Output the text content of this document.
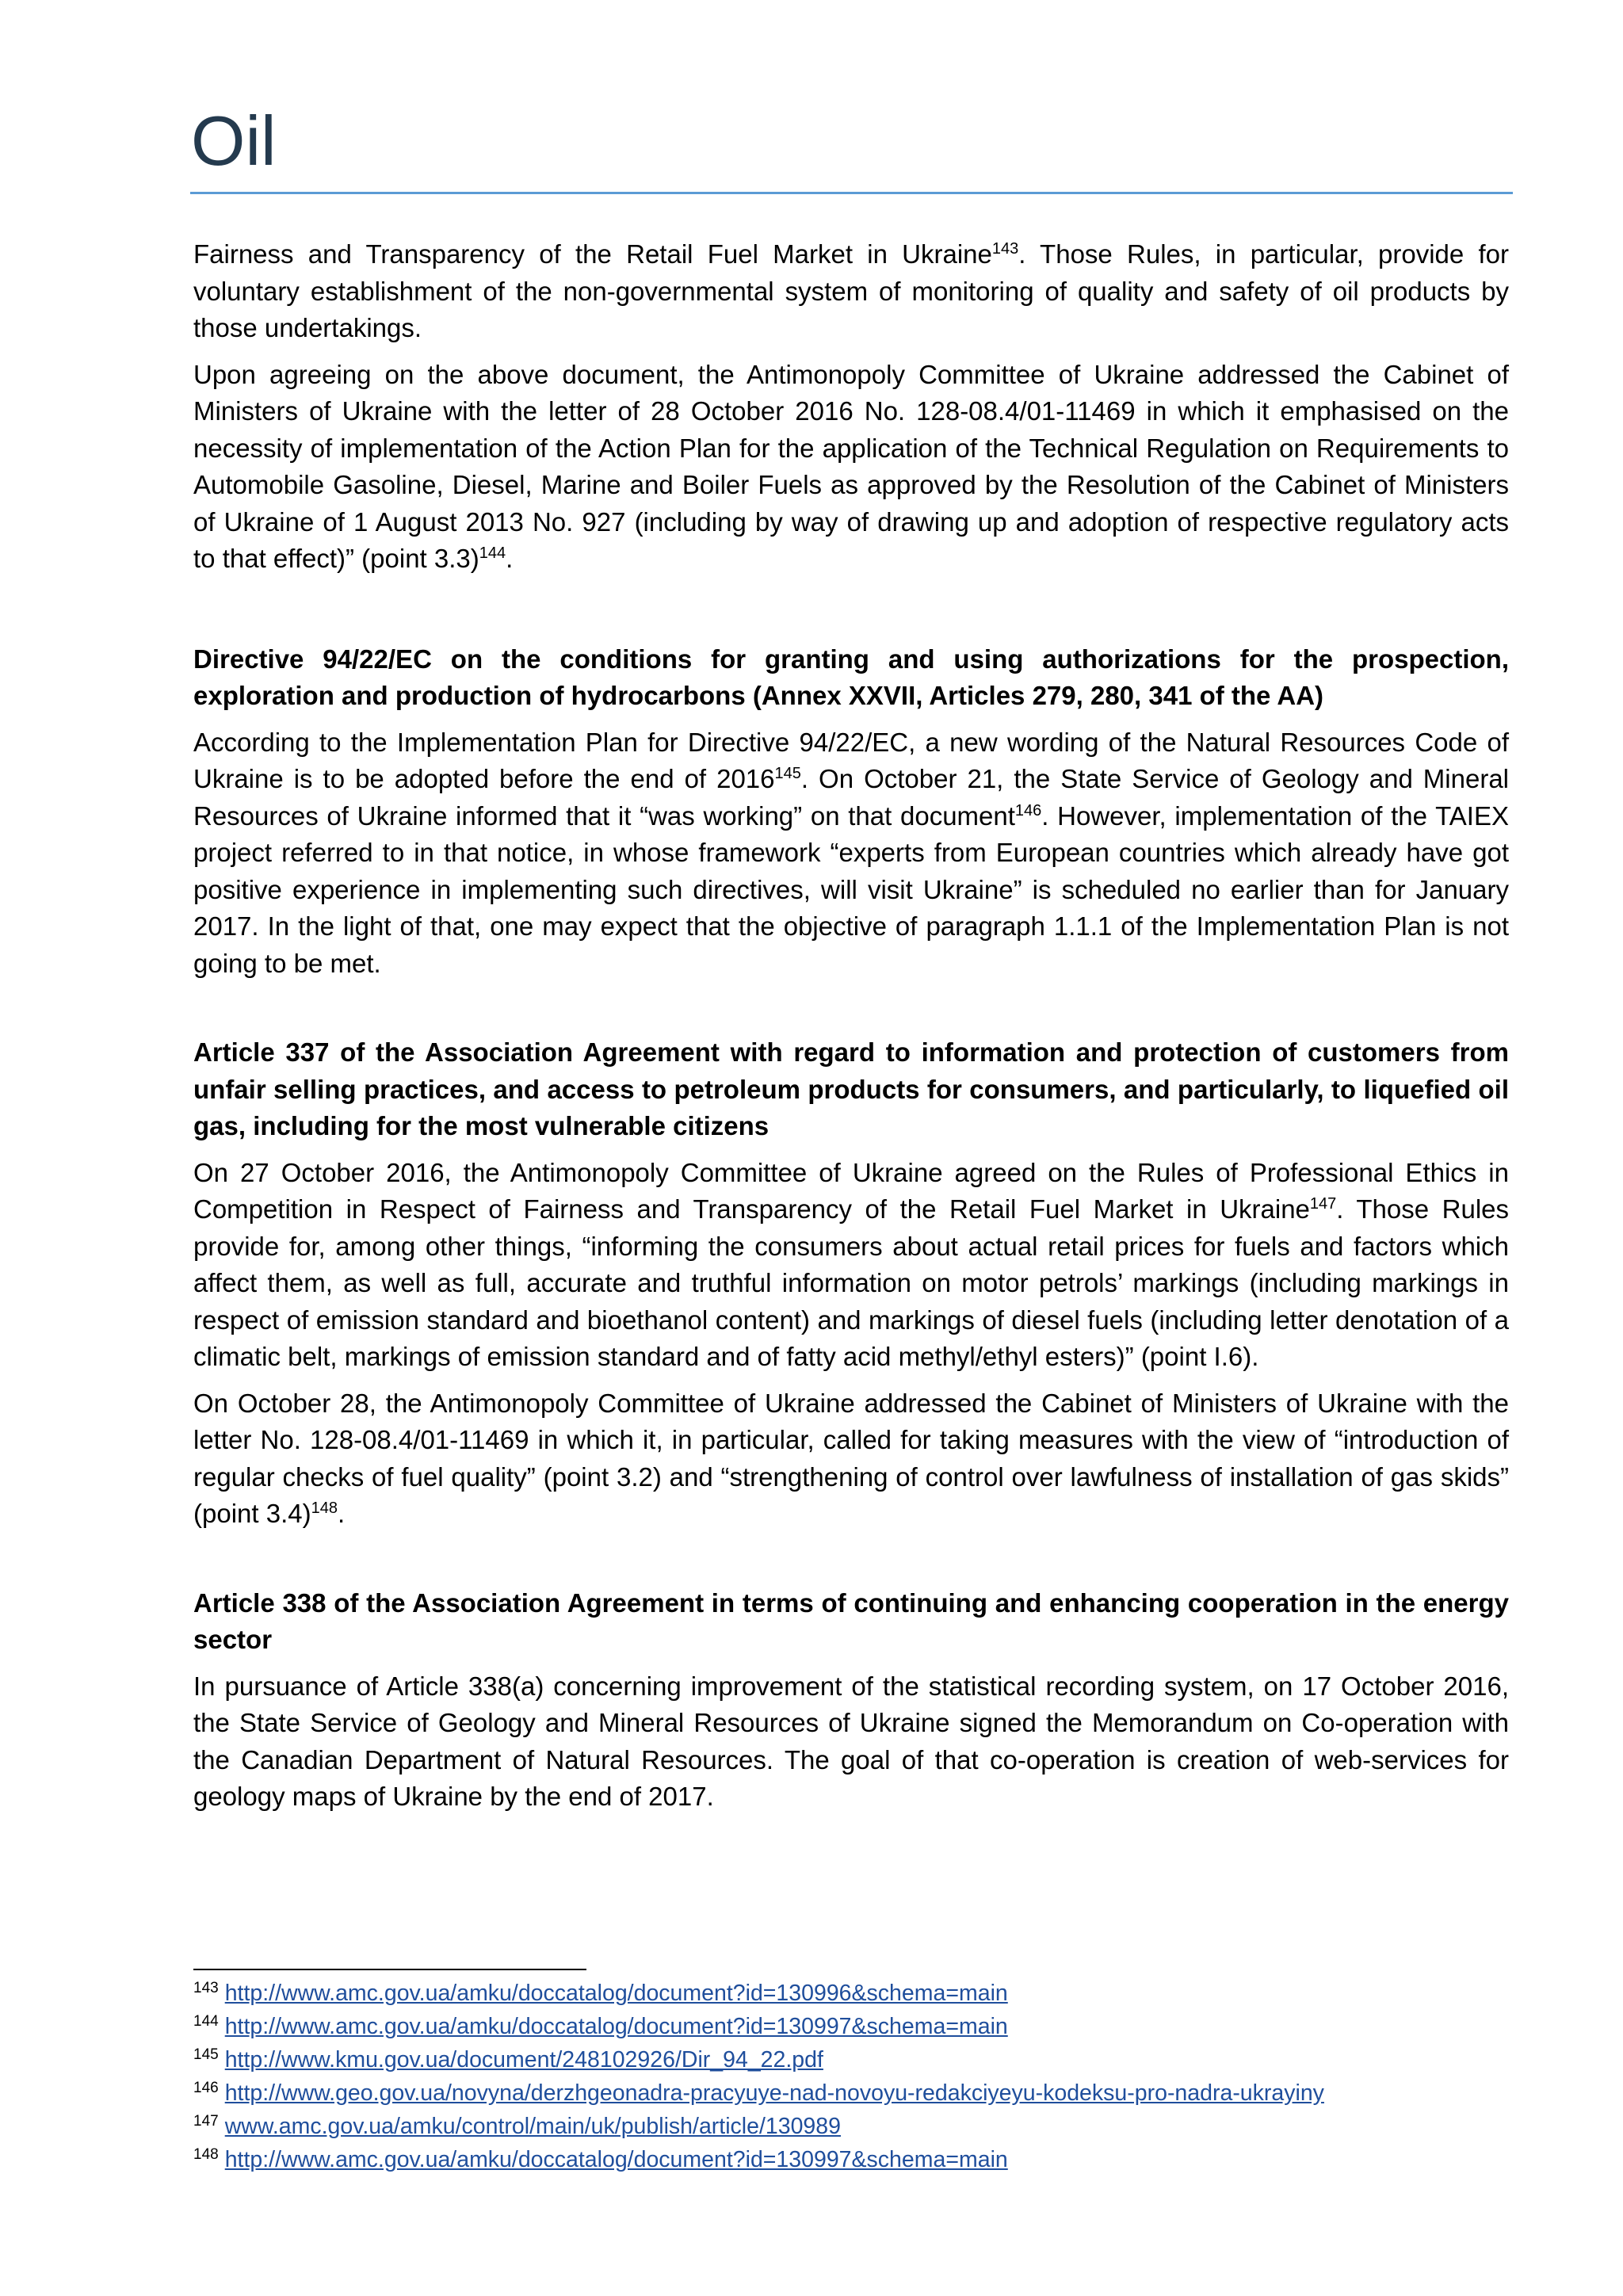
Oil

Fairness and Transparency of the Retail Fuel Market in Ukraine$^{143}$. Those Rules, in particular, provide for voluntary establishment of the non-governmental system of monitoring of quality and safety of oil products by those undertakings.

Upon agreeing on the above document, the Antimonopoly Committee of Ukraine addressed the Cabinet of Ministers of Ukraine with the letter of 28 October 2016 No. 128-08.4/01-11469 in which it emphasised on the necessity of implementation of the Action Plan for the application of the Technical Regulation on Requirements to Automobile Gasoline, Diesel, Marine and Boiler Fuels as approved by the Resolution of the Cabinet of Ministers of Ukraine of 1 August 2013 No. 927 (including by way of drawing up and adoption of respective regulatory acts to that effect)” (point 3.3)$^{144}$.

Directive 94/22/EC on the conditions for granting and using authorizations for the prospection, exploration and production of hydrocarbons (Annex XXVII, Articles 279, 280, 341 of the AA)

According to the Implementation Plan for Directive 94/22/EC, a new wording of the Natural Resources Code of Ukraine is to be adopted before the end of 2016$^{145}$. On October 21, the State Service of Geology and Mineral Resources of Ukraine informed that it “was working” on that document$^{146}$. However, implementation of the TAIEX project referred to in that notice, in whose framework “experts from European countries which already have got positive experience in implementing such directives, will visit Ukraine” is scheduled no earlier than for January 2017. In the light of that, one may expect that the objective of paragraph 1.1.1 of the Implementation Plan is not going to be met.

Article 337 of the Association Agreement with regard to information and protection of customers from unfair selling practices, and access to petroleum products for consumers, and particularly, to liquefied oil gas, including for the most vulnerable citizens

On 27 October 2016, the Antimonopoly Committee of Ukraine agreed on the Rules of Professional Ethics in Competition in Respect of Fairness and Transparency of the Retail Fuel Market in Ukraine$^{147}$. Those Rules provide for, among other things, “informing the consumers about actual retail prices for fuels and factors which affect them, as well as full, accurate and truthful information on motor petrols’ markings (including markings in respect of emission standard and bioethanol content) and markings of diesel fuels (including letter denotation of a climatic belt, markings of emission standard and of fatty acid methyl/ethyl esters)” (point I.6).

On October 28, the Antimonopoly Committee of Ukraine addressed the Cabinet of Ministers of Ukraine with the letter No. 128-08.4/01-11469 in which it, in particular, called for taking measures with the view of “introduction of regular checks of fuel quality” (point 3.2) and “strengthening of control over lawfulness of installation of gas skids” (point 3.4)$^{148}$.

Article 338 of the Association Agreement in terms of continuing and enhancing cooperation in the energy sector

In pursuance of Article 338(a) concerning improvement of the statistical recording system, on 17 October 2016, the State Service of Geology and Mineral Resources of Ukraine signed the Memorandum on Co-operation with the Canadian Department of Natural Resources. The goal of that co-operation is creation of web-services for geology maps of Ukraine by the end of 2017.

$^{143}$ http://www.amc.gov.ua/amku/doccatalog/document?id=130996&schema=main

$^{144}$ http://www.amc.gov.ua/amku/doccatalog/document?id=130997&schema=main

$^{145}$ http://www.kmu.gov.ua/document/248102926/Dir_94_22.pdf

$^{146}$ http://www.geo.gov.ua/novyna/derzhgeonadra-pracyuye-nad-novoyu-redakciyeyu-kodeksu-pro-nadra-ukrayiny

$^{147}$ www.amc.gov.ua/amku/control/main/uk/publish/article/130989

$^{148}$ http://www.amc.gov.ua/amku/doccatalog/document?id=130997&schema=main
